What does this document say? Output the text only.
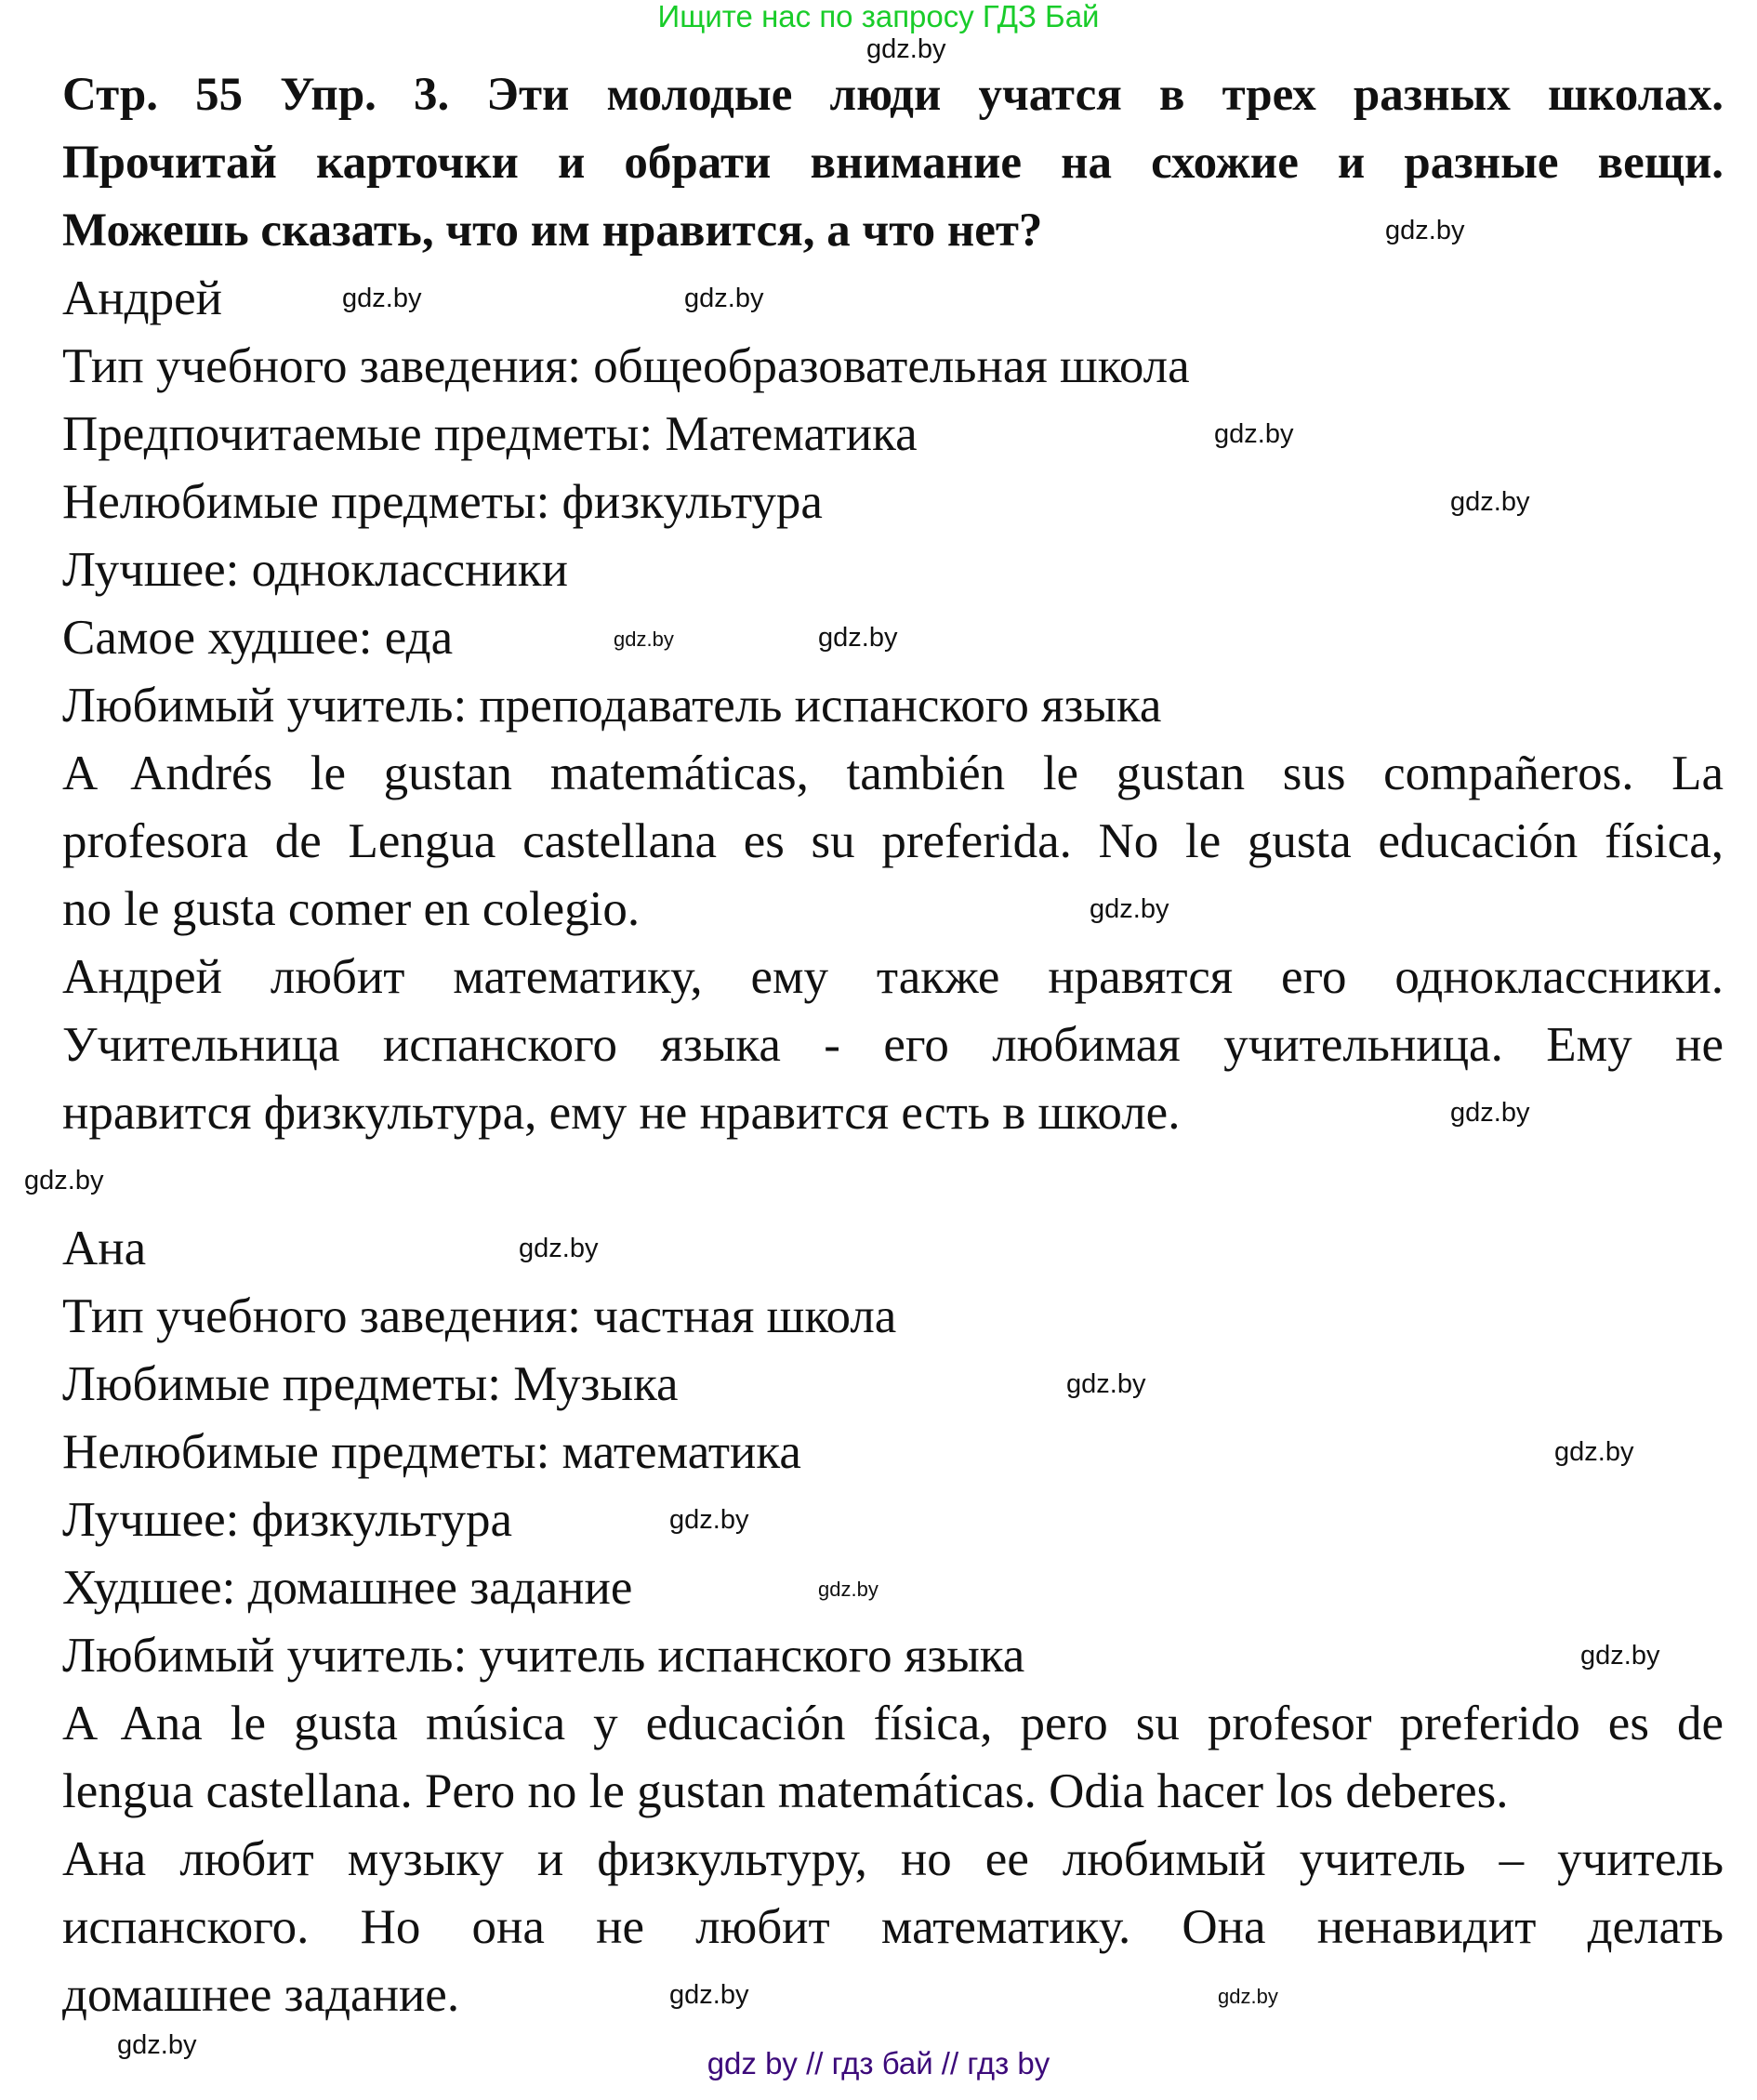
Ищите нас по запросу ГДЗ Бай
Стр. 55 Упр. 3. Эти молодые люди учатся в трех разных школах.
Прочитай карточки и обрати внимание на схожие и разные вещи.
Можешь сказать, что им нравится, а что нет?
Андрей
Тип учебного заведения: общеобразовательная школа
Предпочитаемые предметы: Математика
Нелюбимые предметы: физкультура
Лучшее: одноклассники
Самое худшее: еда
Любимый учитель: преподаватель испанского языка
A Andrés le gustan matemáticas, también le gustan sus compañeros. La
profesora de Lengua castellana es su preferida. No le gusta educación física,
no le gusta comer en colegio.
Андрей любит математику, ему также нравятся его одноклассники.
Учительница испанского языка - его любимая учительница. Ему не
нравится физкультура, ему не нравится есть в школе.
Ана
Тип учебного заведения: частная школа
Любимые предметы: Музыка
Нелюбимые предметы: математика
Лучшее: физкультура
Худшее: домашнее задание
Любимый учитель: учитель испанского языка
A Ana le gusta música y educación física, pero su profesor preferido es de
lengua castellana. Pero no le gustan matemáticas. Odia hacer los deberes.
Ана любит музыку и физкультуру, но ее любимый учитель – учитель
испанского. Но она не любит математику. Она ненавидит делать
домашнее задание.
gdz.by
gdz.by
gdz.by
gdz.by
gdz.by
gdz.by
gdz.by	gdz.by
gdz.by
gdz.by
gdz.by
gdz.by
gdz.by
gdz.by
gdz.by
gdz.by
gdz.by
gdz.by
gdz.by
gdz.by
gdz by // гдз бай // гдз by
